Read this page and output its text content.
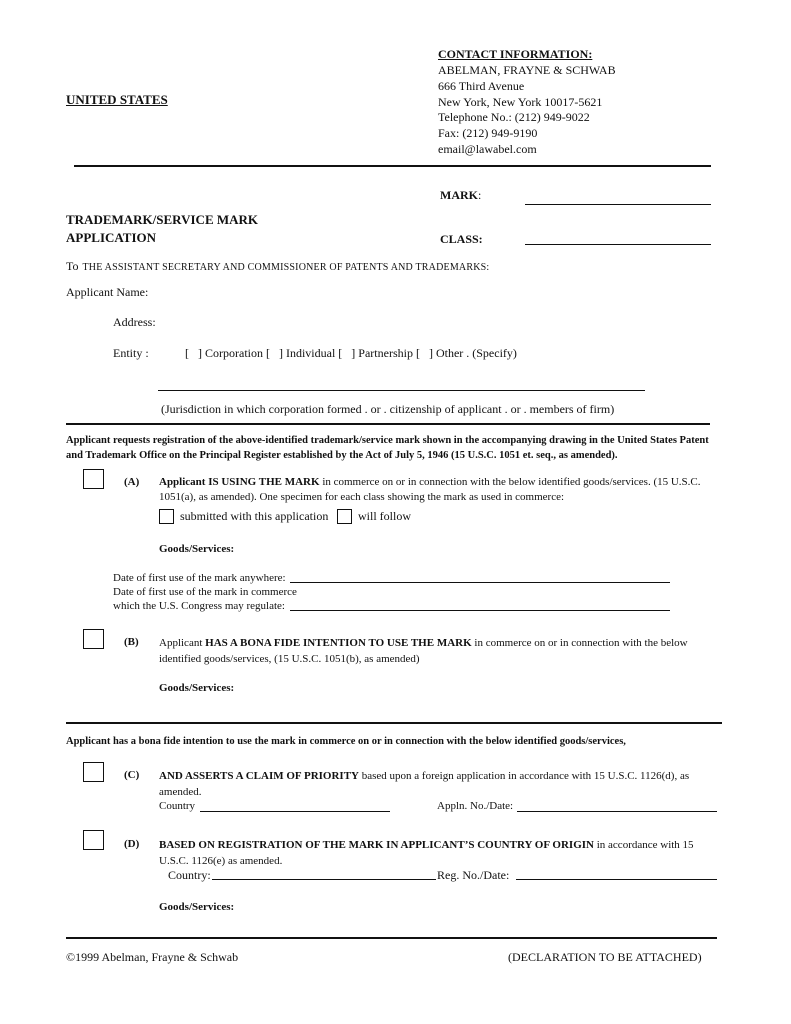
UNITED STATES
CONTACT INFORMATION:
ABELMAN, FRAYNE & SCHWAB
666 Third Avenue
New York, New York 10017-5621
Telephone No.: (212) 949-9022
Fax: (212) 949-9190
email@lawabel.com
MARK:
TRADEMARK/SERVICE MARK
APPLICATION	CLASS:
To THE ASSISTANT SECRETARY AND COMMISSIONER OF PATENTS AND TRADEMARKS:
Applicant Name:
Address:
Entity :	[   ] Corporation [   ] Individual [   ] Partnership [   ] Other . (Specify)
(Jurisdiction in which corporation formed . or . citizenship of applicant . or . members of firm)
Applicant requests registration of the above-identified trademark/service mark shown in the accompanying drawing in the United States Patent and Trademark Office on the Principal Register established by the Act of July 5, 1946 (15 U.S.C. 1051 et. seq., as amended).
(A) Applicant IS USING THE MARK in commerce on or in connection with the below identified goods/services. (15 U.S.C. 1051(a), as amended). One specimen for each class showing the mark as used in commerce:
submitted with this application will follow
Goods/Services:
Date of first use of the mark anywhere:
Date of first use of the mark in commerce
which the U.S. Congress may regulate:
(B) Applicant HAS A BONA FIDE INTENTION TO USE THE MARK in commerce on or in connection with the below identified goods/services, (15 U.S.C. 1051(b), as amended)
Goods/Services:
Applicant has a bona fide intention to use the mark in commerce on or in connection with the below identified goods/services,
(C) AND ASSERTS A CLAIM OF PRIORITY based upon a foreign application in accordance with 15 U.S.C. 1126(d), as amended.
Country	Appln. No./Date:
(D) BASED ON REGISTRATION OF THE MARK IN APPLICANT’S COUNTRY OF ORIGIN in accordance with 15 U.S.C. 1126(e) as amended.
Country:	Reg. No./Date:
Goods/Services:
©1999 Abelman, Frayne & Schwab	(DECLARATION TO BE ATTACHED)
